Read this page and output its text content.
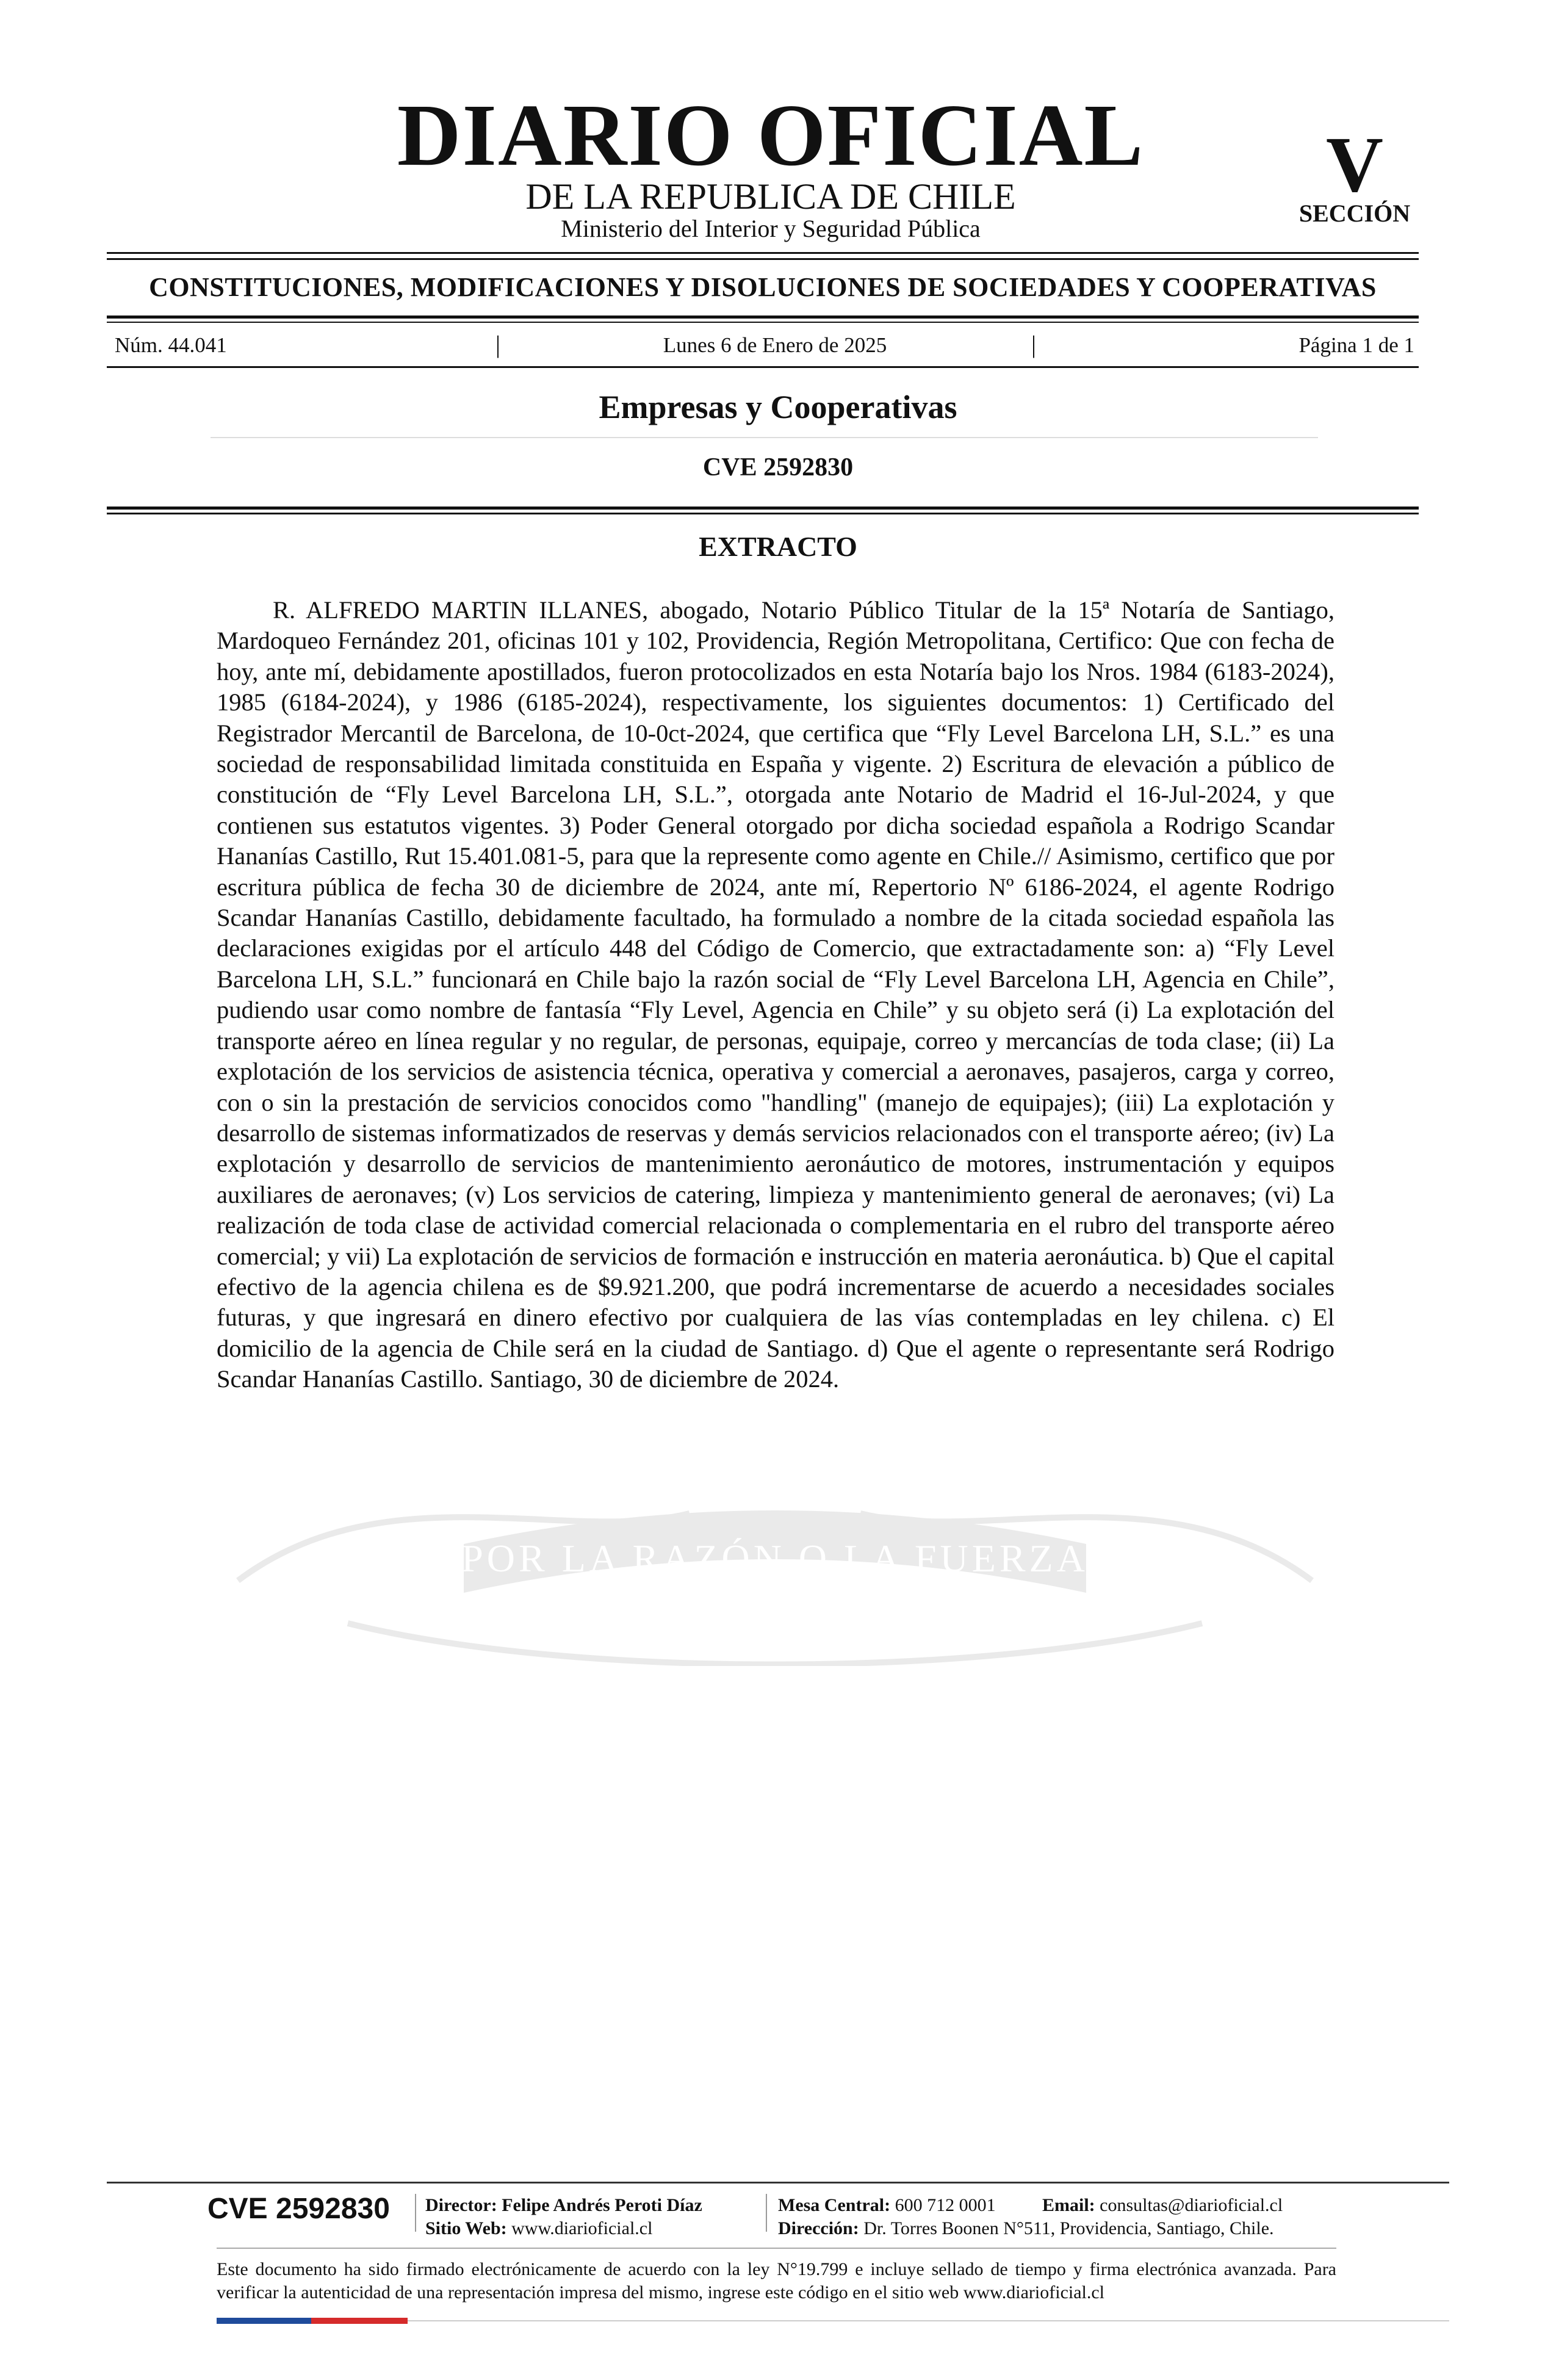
DIARIO OFICIAL
DE LA REPUBLICA DE CHILE
Ministerio del Interior y Seguridad Pública
V
SECCIÓN
CONSTITUCIONES, MODIFICACIONES Y DISOLUCIONES DE SOCIEDADES Y COOPERATIVAS
Núm. 44.041	|	Lunes 6 de Enero de 2025	|	Página 1 de 1
Empresas y Cooperativas
CVE 2592830
EXTRACTO

R. ALFREDO MARTIN ILLANES, abogado, Notario Público Titular de la 15ª Notaría de Santiago, Mardoqueo Fernández 201, oficinas 101 y 102, Providencia, Región Metropolitana, Certifico: Que con fecha de hoy, ante mí, debidamente apostillados, fueron protocolizados en esta Notaría bajo los Nros. 1984 (6183-2024), 1985 (6184-2024), y 1986 (6185-2024), respectivamente, los siguientes documentos: 1) Certificado del Registrador Mercantil de Barcelona, de 10-0ct-2024, que certifica que “Fly Level Barcelona LH, S.L.” es una sociedad de responsabilidad limitada constituida en España y vigente. 2) Escritura de elevación a público de constitución de “Fly Level Barcelona LH, S.L.”, otorgada ante Notario de Madrid el 16-Jul-2024, y que contienen sus estatutos vigentes. 3) Poder General otorgado por dicha sociedad española a Rodrigo Scandar Hananías Castillo, Rut 15.401.081-5, para que la represente como agente en Chile.// Asimismo, certifico que por escritura pública de fecha 30 de diciembre de 2024, ante mí, Repertorio Nº 6186-2024, el agente Rodrigo Scandar Hananías Castillo, debidamente facultado, ha formulado a nombre de la citada sociedad española las declaraciones exigidas por el artículo 448 del Código de Comercio, que extractadamente son: a) “Fly Level Barcelona LH, S.L.” funcionará en Chile bajo la razón social de “Fly Level Barcelona LH, Agencia en Chile”, pudiendo usar como nombre de fantasía “Fly Level, Agencia en Chile” y su objeto será (i) La explotación del transporte aéreo en línea regular y no regular, de personas, equipaje, correo y mercancías de toda clase; (ii) La explotación de los servicios de asistencia técnica, operativa y comercial a aeronaves, pasajeros, carga y correo, con o sin la prestación de servicios conocidos como "handling" (manejo de equipajes); (iii) La explotación y desarrollo de sistemas informatizados de reservas y demás servicios relacionados con el transporte aéreo; (iv) La explotación y desarrollo de servicios de mantenimiento aeronáutico de motores, instrumentación y equipos auxiliares de aeronaves; (v) Los servicios de catering, limpieza y mantenimiento general de aeronaves; (vi) La realización de toda clase de actividad comercial relacionada o complementaria en el rubro del transporte aéreo comercial; y vii) La explotación de servicios de formación e instrucción en materia aeronáutica. b) Que el capital efectivo de la agencia chilena es de $9.921.200, que podrá incrementarse de acuerdo a necesidades sociales futuras, y que ingresará en dinero efectivo por cualquiera de las vías contempladas en ley chilena. c) El domicilio de la agencia de Chile será en la ciudad de Santiago. d) Que el agente o representante será Rodrigo Scandar Hananías Castillo. Santiago, 30 de diciembre de 2024.

POR LA RAZÓN O LA FUERZA
CVE 2592830 Director: Felipe Andrés Peroti Díaz
Sitio Web: www.diarioficial.cl
Mesa Central: 600 712 0001	Email: consultas@diarioficial.cl
Dirección: Dr. Torres Boonen N°511, Providencia, Santiago, Chile.

Este documento ha sido firmado electrónicamente de acuerdo con la ley N°19.799 e incluye sellado de tiempo y firma electrónica avanzada. Para verificar la autenticidad de una representación impresa del mismo, ingrese este código en el sitio web www.diarioficial.cl
